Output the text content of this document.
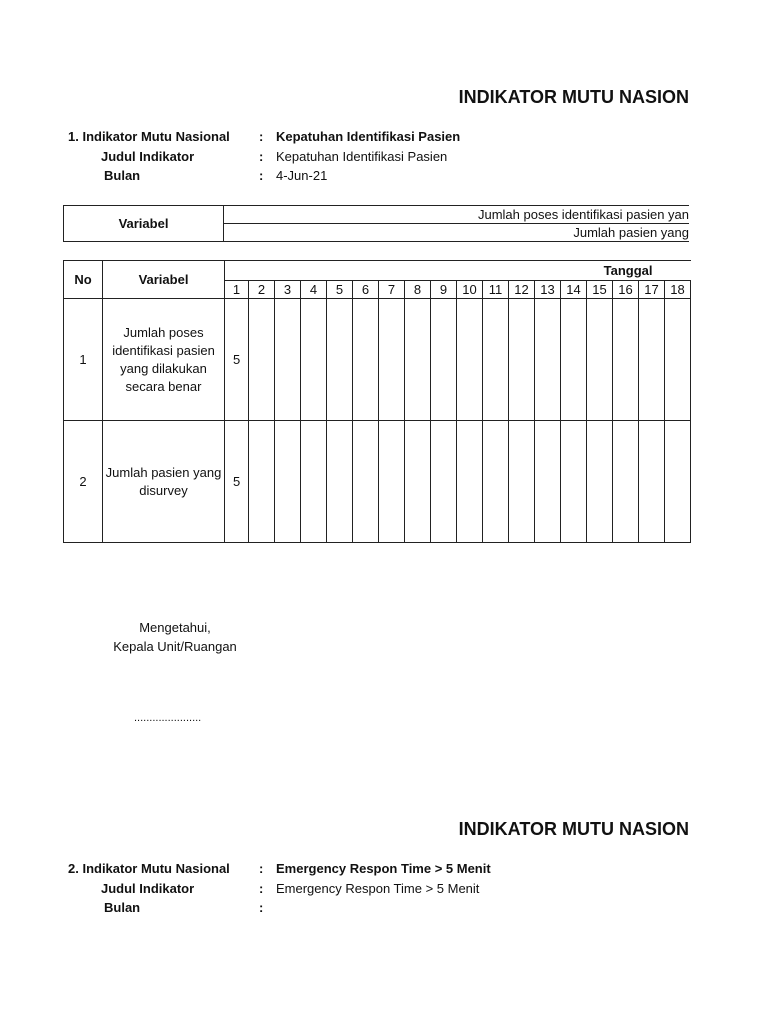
INDIKATOR MUTU NASION
1. Indikator Mutu Nasional : Kepatuhan Identifikasi Pasien
Judul Indikator	: Kepatuhan Identifikasi Pasien
Bulan	: 4-Jun-21
Variabel
Jumlah poses identifikasi pasien yan
Jumlah pasien yang
No	Variabel	Tanggal																	
		1	2	3	4	5	6	7	8	9	10	11	12	13	14	15	16	17	18
1	Jumlah poses identifikasi pasien yang dilakukan secara benar	5																	
2	Jumlah pasien yang disurvey	5																	
Mengetahui,
Kepala Unit/Ruangan
......................
INDIKATOR MUTU NASION
2. Indikator Mutu Nasional : Emergency Respon Time > 5 Menit
Judul Indikator	: Emergency Respon Time > 5 Menit
Bulan	:
